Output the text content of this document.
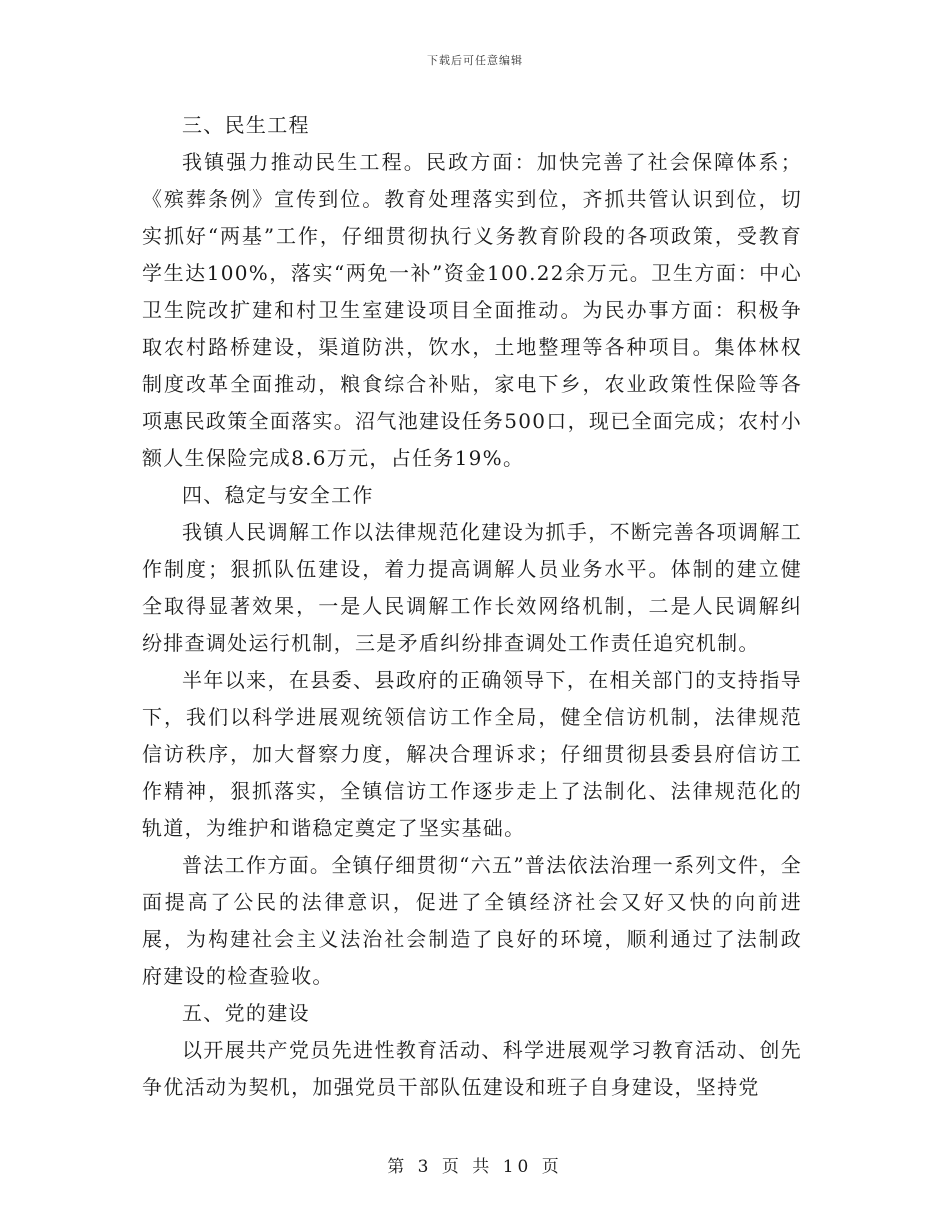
下载后可任意编辑

三、民生工程

我镇强力推动民生工程。民政方面：加快完善了社会保障体系；《殡葬条例》宣传到位。教育处理落实到位，齐抓共管认识到位，切实抓好“两基”工作，仔细贯彻执行义务教育阶段的各项政策，受教育学生达100%，落实“两免一补”资金100.22余万元。卫生方面：中心卫生院改扩建和村卫生室建设项目全面推动。为民办事方面：积极争取农村路桥建设，渠道防洪，饮水，土地整理等各种项目。集体林权制度改革全面推动，粮食综合补贴，家电下乡，农业政策性保险等各项惠民政策全面落实。沼气池建设任务500口，现已全面完成；农村小额人生保险完成8.6万元，占任务19%。

四、稳定与安全工作

我镇人民调解工作以法律规范化建设为抓手，不断完善各项调解工作制度；狠抓队伍建设，着力提高调解人员业务水平。体制的建立健全取得显著效果，一是人民调解工作长效网络机制，二是人民调解纠纷排查调处运行机制，三是矛盾纠纷排查调处工作责任追究机制。

半年以来，在县委、县政府的正确领导下，在相关部门的支持指导下，我们以科学进展观统领信访工作全局，健全信访机制，法律规范信访秩序，加大督察力度，解决合理诉求；仔细贯彻县委县府信访工作精神，狠抓落实，全镇信访工作逐步走上了法制化、法律规范化的轨道，为维护和谐稳定奠定了坚实基础。

普法工作方面。全镇仔细贯彻“六五”普法依法治理一系列文件，全面提高了公民的法律意识，促进了全镇经济社会又好又快的向前进展，为构建社会主义法治社会制造了良好的环境，顺利通过了法制政府建设的检查验收。

五、党的建设

以开展共产党员先进性教育活动、科学进展观学习教育活动、创先争优活动为契机，加强党员干部队伍建设和班子自身建设，坚持党

第 3 页 共 10 页
